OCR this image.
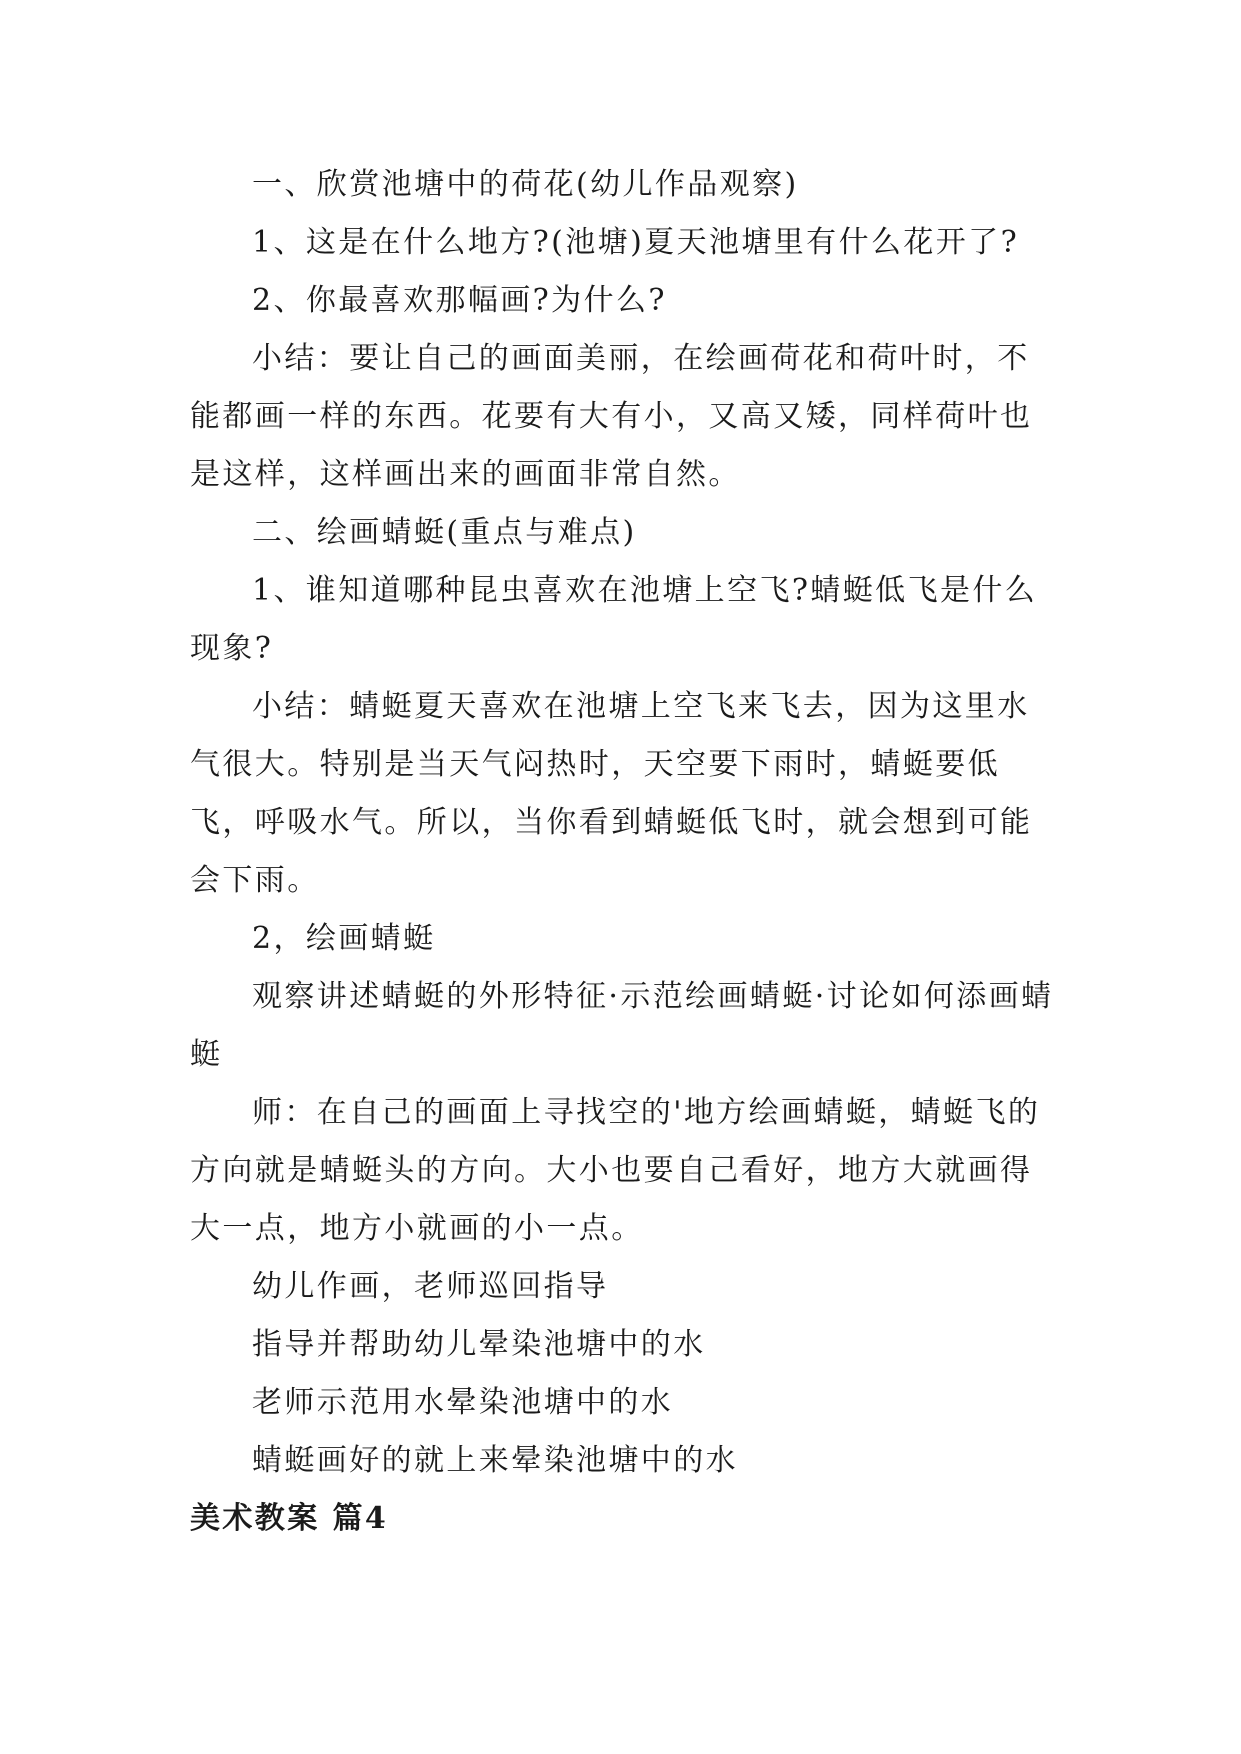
一、欣赏池塘中的荷花(幼儿作品观察)

1、这是在什么地方?(池塘)夏天池塘里有什么花开了?

2、你最喜欢那幅画?为什么?

小结：要让自己的画面美丽，在绘画荷花和荷叶时，不能都画一样的东西。花要有大有小，又高又矮，同样荷叶也是这样，这样画出来的画面非常自然。

二、绘画蜻蜓(重点与难点)

1、谁知道哪种昆虫喜欢在池塘上空飞?蜻蜓低飞是什么现象?

小结：蜻蜓夏天喜欢在池塘上空飞来飞去，因为这里水气很大。特别是当天气闷热时，天空要下雨时，蜻蜓要低飞，呼吸水气。所以，当你看到蜻蜓低飞时，就会想到可能会下雨。

2，绘画蜻蜓

观察讲述蜻蜓的外形特征·示范绘画蜻蜓·讨论如何添画蜻蜓

师：在自己的画面上寻找空的'地方绘画蜻蜓，蜻蜓飞的方向就是蜻蜓头的方向。大小也要自己看好，地方大就画得大一点，地方小就画的小一点。

幼儿作画，老师巡回指导

指导并帮助幼儿晕染池塘中的水

老师示范用水晕染池塘中的水

蜻蜓画好的就上来晕染池塘中的水

美术教案 篇4
